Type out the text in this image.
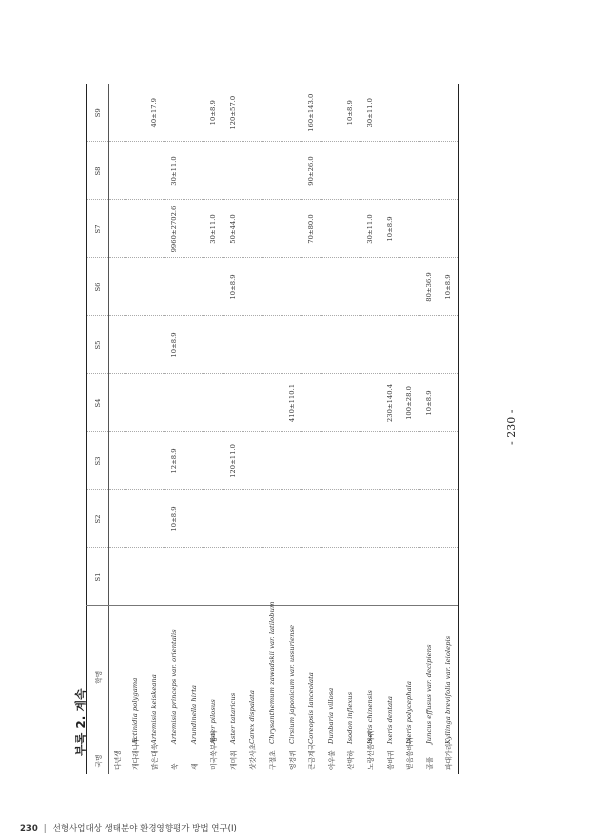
부록 2. 계속
국명	학명	S1	S2	S3	S4	S5	S6	S7	S8	S9
다년생										
개다래나무	Actinidia polygama									
맑은대쑥	Artemisia keiskeana									40±17.9
쑥	Artemisia princeps var. orientalis		10±8.9	12±8.9		10±8.9		9960±2702.6	30±11.0	
새	Arundinella hirta									
미국쑥부쟁이	Aster pilosus							30±11.0		10±8.9
개미취	Aster tataricus			120±11.0			10±8.9	50±44.0		120±57.0
삿갓사초	Carex dispalata									
구절초	Chrysanthemum zawadskii var. latilobum									
엉겅퀴	Cirsium japonicum var. ussuriense				410±110.1					
큰금계국	Coreopsis lanceolata							70±80.0	90±26.0	160±143.0
야우쑬	Dunbaria villosa									
산박하	Isodon inflexus									10±8.9
노랑선씀바귀	Ixeris chinensis							30±11.0		30±11.0
씀바귀	Ixeris dentata				230±140.4			10±8.9		
벋음씀바귀	Ixeris polycephala				100±28.0					
골풀	Juncus effusus var. decipiens				10±8.9		80±36.9			
파대가리	Kyllinga brevifolia var. leiolepis						10±8.9			
- 230 -
230 | 선형사업대상 생태분야 환경영향평가 방법 연구(Ⅰ)
